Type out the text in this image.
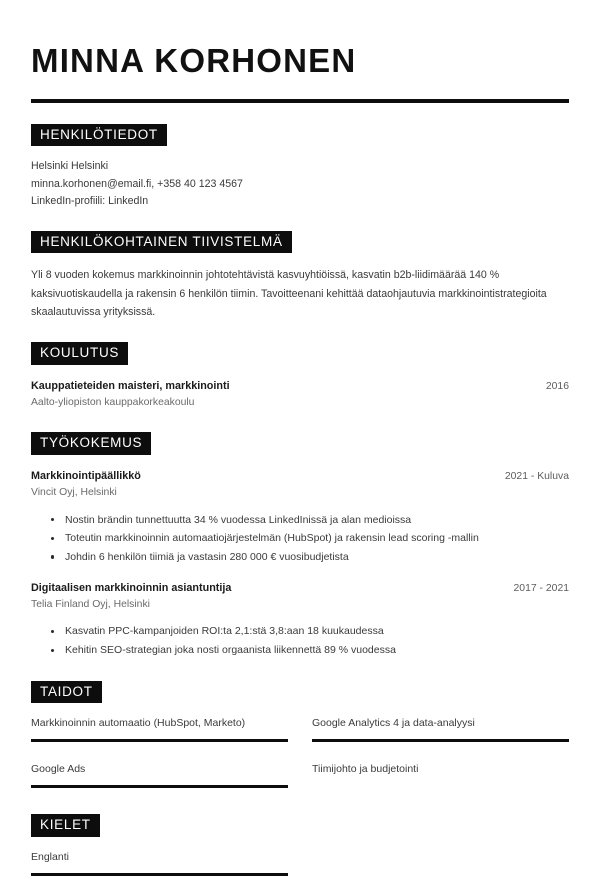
MINNA KORHONEN
HENKILÖTIEDOT
Helsinki Helsinki
minna.korhonen@email.fi, +358 40 123 4567
LinkedIn-profiili: LinkedIn
HENKILÖKOHTAINEN TIIVISTELMÄ

Yli 8 vuoden kokemus markkinoinnin johtotehtävistä kasvuyhtiöissä, kasvatin b2b-liidimäärää 140 % kaksivuotiskaudella ja rakensin 6 henkilön tiimin. Tavoitteenani kehittää dataohjautuvia markkinointistrategioita skaalautuvissa yrityksissä.

KOULUTUS
Kauppatieteiden maisteri, markkinointi	2016
Aalto-yliopiston kauppakorkeakoulu
TYÖKOKEMUS
Markkinointipäällikkö	2021 - Kuluva
Vincit Oyj, Helsinki
Nostin brändin tunnettuutta 34 % vuodessa LinkedInissä ja alan medioissa
Toteutin markkinoinnin automaatiojärjestelmän (HubSpot) ja rakensin lead scoring -mallin
Johdin 6 henkilön tiimiä ja vastasin 280 000 € vuosibudjetista
Digitaalisen markkinoinnin asiantuntija	2017 - 2021
Telia Finland Oyj, Helsinki
Kasvatin PPC-kampanjoiden ROI:ta 2,1:stä 3,8:aan 18 kuukaudessa
Kehitin SEO-strategian joka nosti orgaanista liikennettä 89 % vuodessa
TAIDOT
Markkinoinnin automaatio (HubSpot, Marketo)	Google Analytics 4 ja data-analyysi
Google Ads	Tiimijohto ja budjetointi
KIELET
Englanti
